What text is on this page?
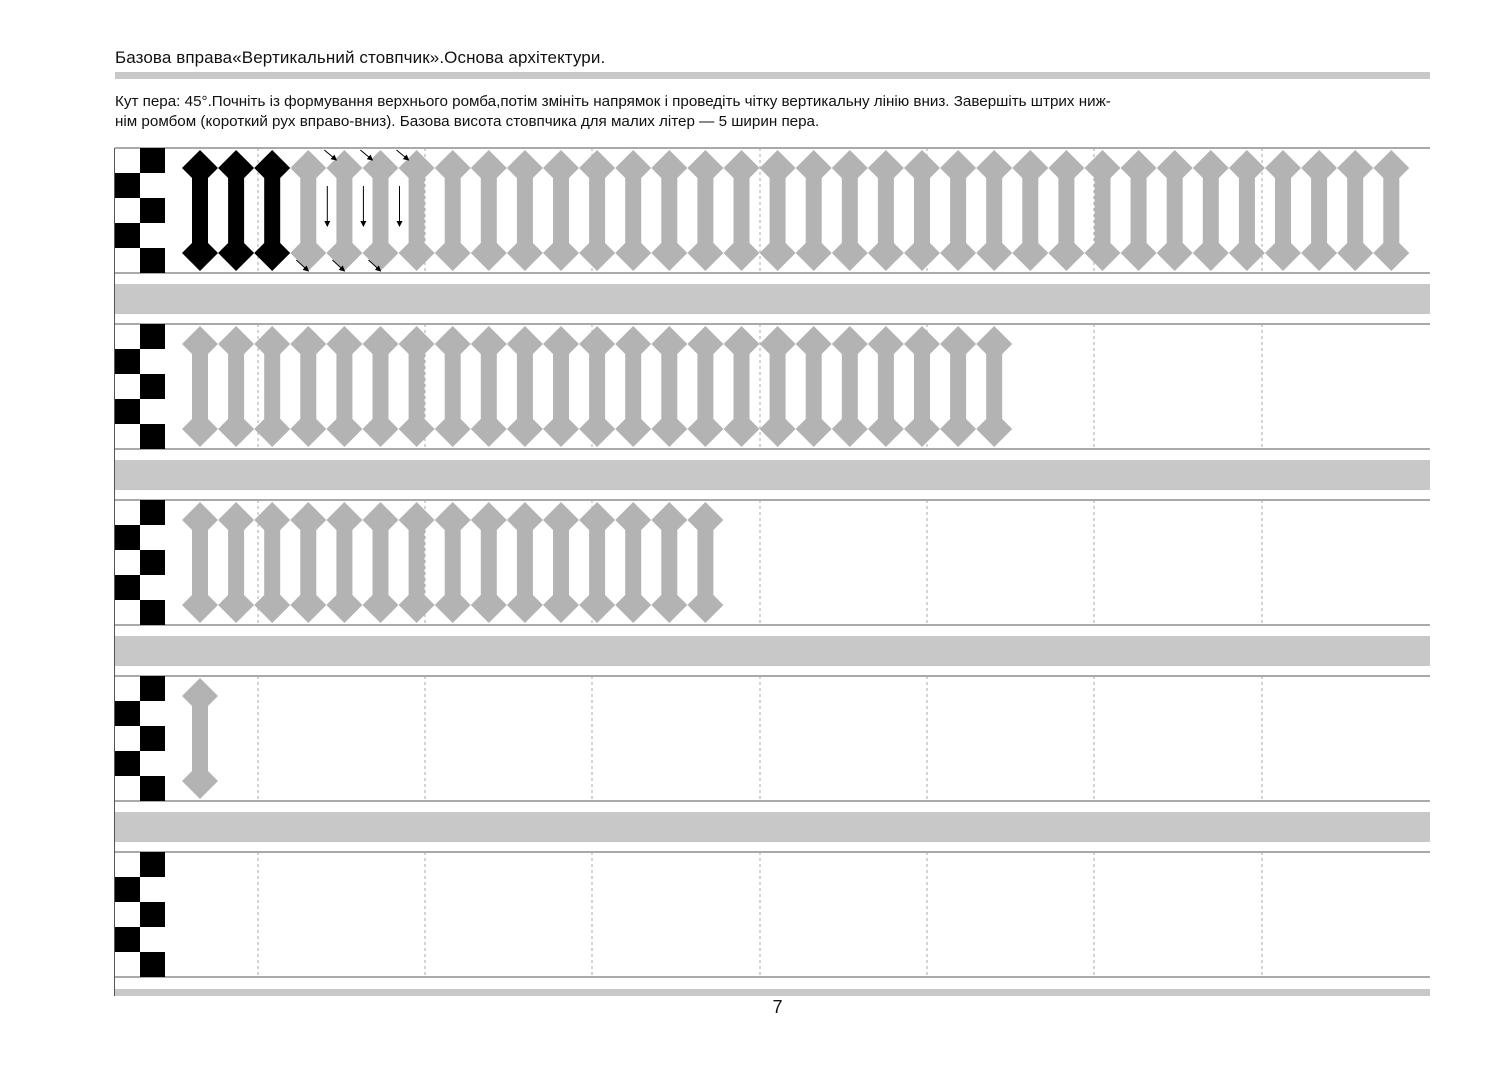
Базова вправа«Вертикальний стовпчик».Основа архітектури.
Кут пера: 45°.Почніть із формування верхнього ромба,потім змініть напрямок і проведіть чітку вертикальну лінію вниз. Завершіть штрих ниж-
нім ромбом (короткий рух вправо-вниз). Базова висота стовпчика для малих літер — 5 ширин пера.
7
